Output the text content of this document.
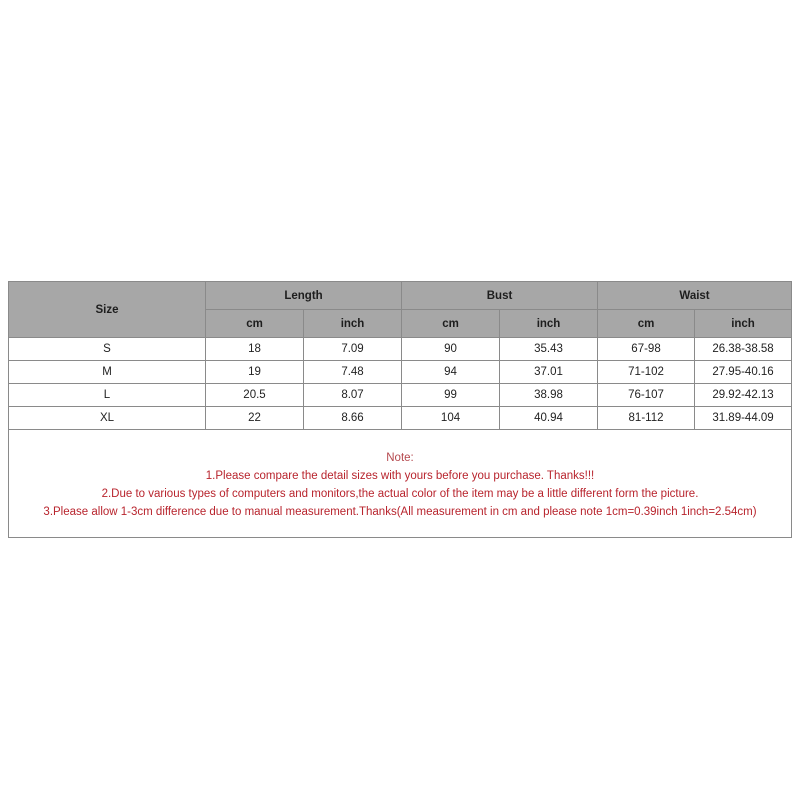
Size	Length		Bust		Waist	
	cm	inch	cm	inch	cm	inch
S	18	7.09	90	35.43	67-98	26.38-38.58
M	19	7.48	94	37.01	71-102	27.95-40.16
L	20.5	8.07	99	38.98	76-107	29.92-42.13
XL	22	8.66	104	40.94	81-112	31.89-44.09

Note:
1.Please compare the detail sizes with yours before you purchase. Thanks!!!
2.Due to various types of computers and monitors,the actual color of the item may be a little different form the picture.
3.Please allow 1-3cm difference due to manual measurement.Thanks(All measurement in cm and please note 1cm=0.39inch 1inch=2.54cm)						
